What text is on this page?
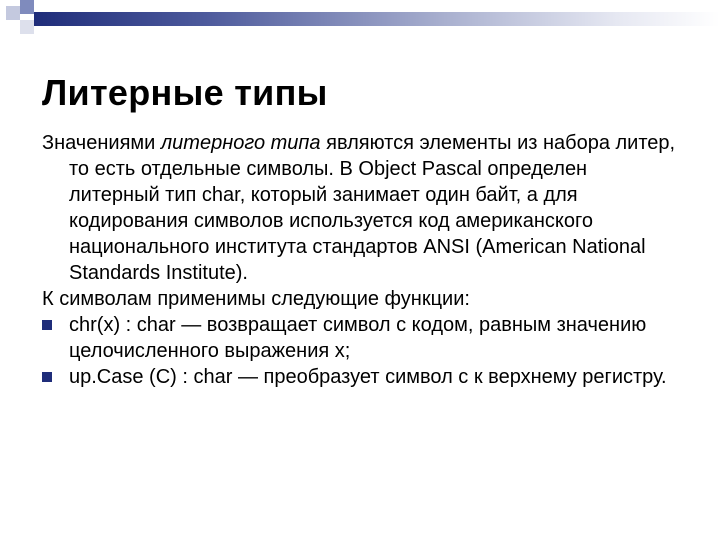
Литерные типы

Значениями литерного типа являются элементы из набора литер, то есть отдельные символы. В Object Pascal определен литерный тип char, который занимает один байт, а для кодирования символов используется код американского национального института стандартов ANSI (American National Standards Institute).

К символам применимы следующие функции:

chr(x) : char — возвращает символ с кодом, равным значению целочисленного выражения x;

up.Case (C) : char — преобразует символ с к верхнему регистру.
